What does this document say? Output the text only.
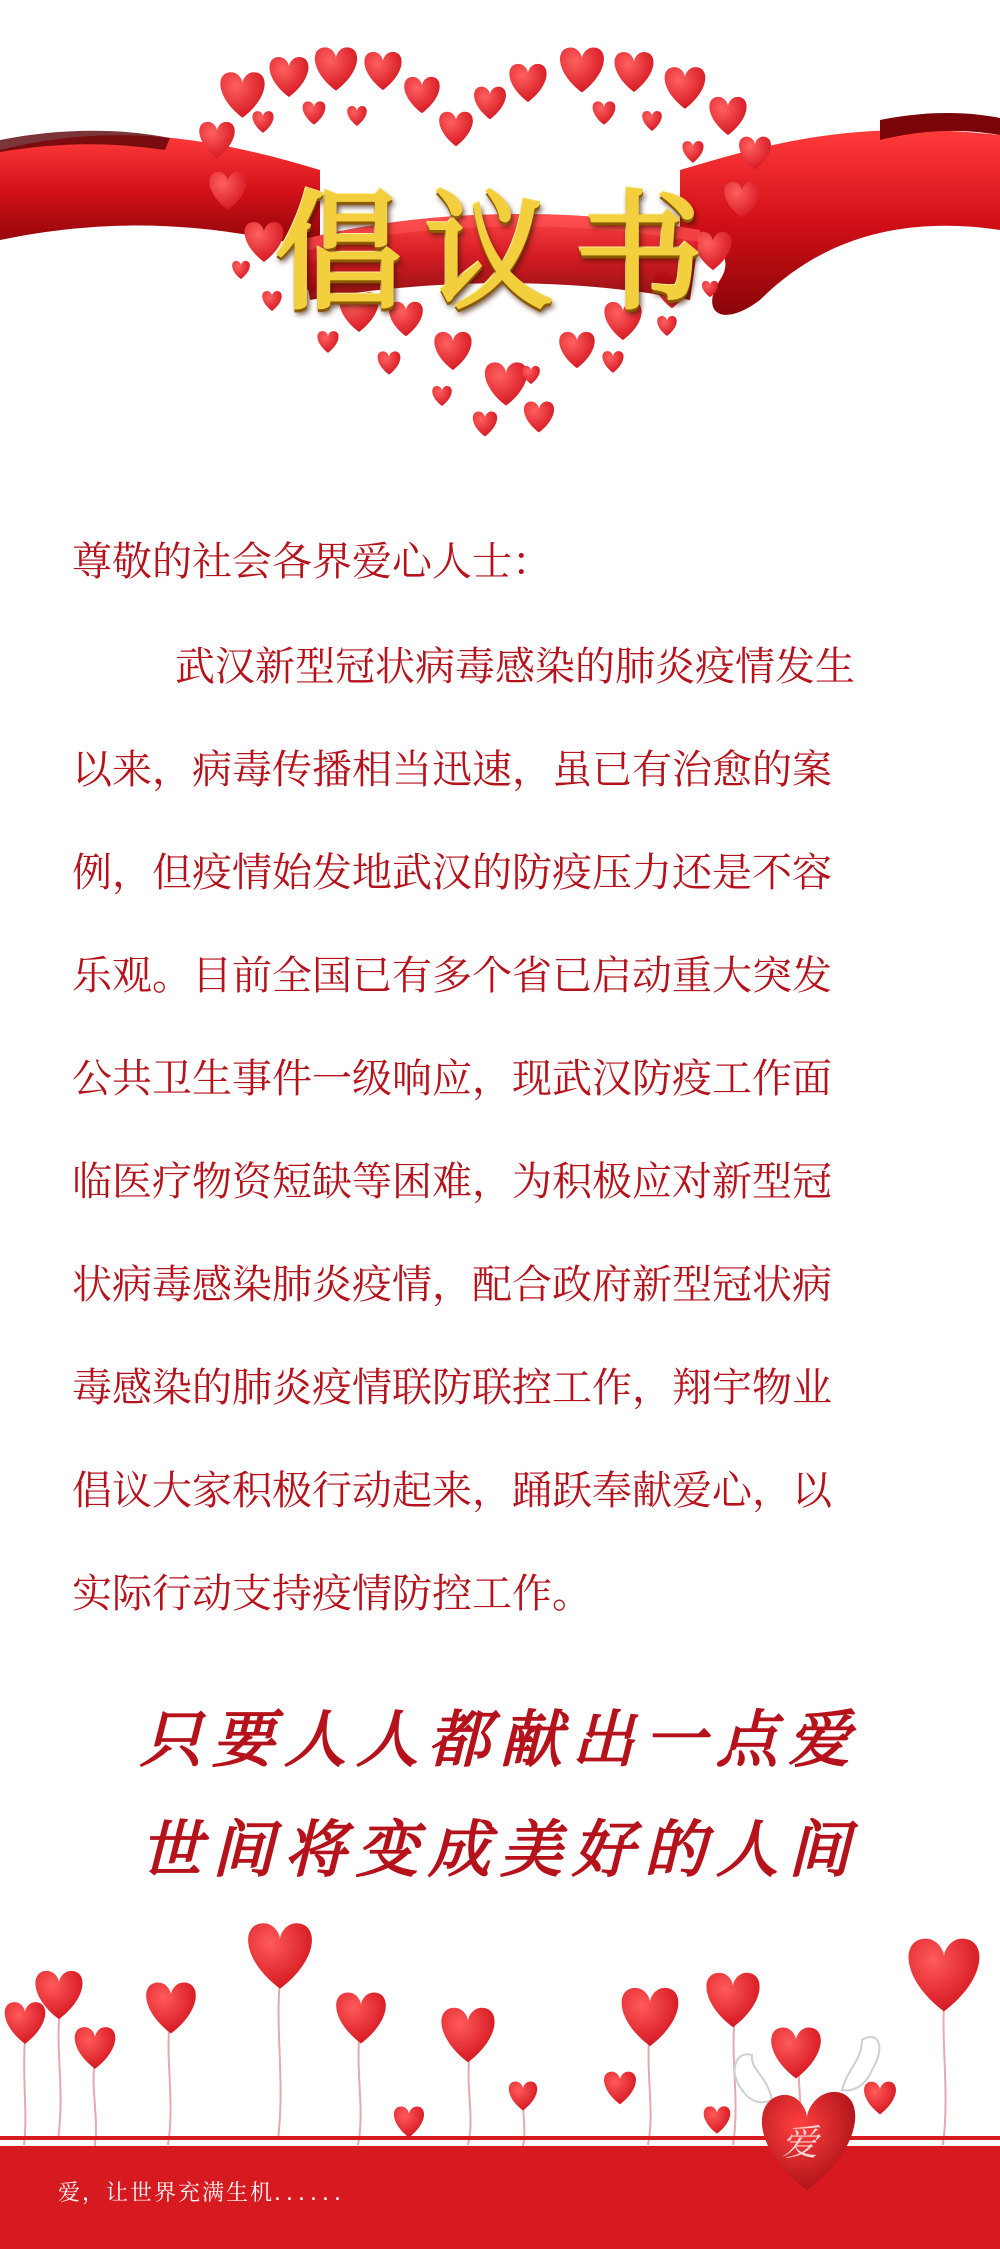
倡议书
尊敬的社会各界爱心人士：
武汉新型冠状病毒感染的肺炎疫情发生
以来，病毒传播相当迅速，虽已有治愈的案
例，但疫情始发地武汉的防疫压力还是不容
乐观。目前全国已有多个省已启动重大突发
公共卫生事件一级响应，现武汉防疫工作面
临医疗物资短缺等困难，为积极应对新型冠
状病毒感染肺炎疫情，配合政府新型冠状病
毒感染的肺炎疫情联防联控工作，翔宇物业
倡议大家积极行动起来，踊跃奉献爱心，以
实际行动支持疫情防控工作。
只要人人都献出一点爱
世间将变成美好的人间
爱，让世界充满生机......
爱
